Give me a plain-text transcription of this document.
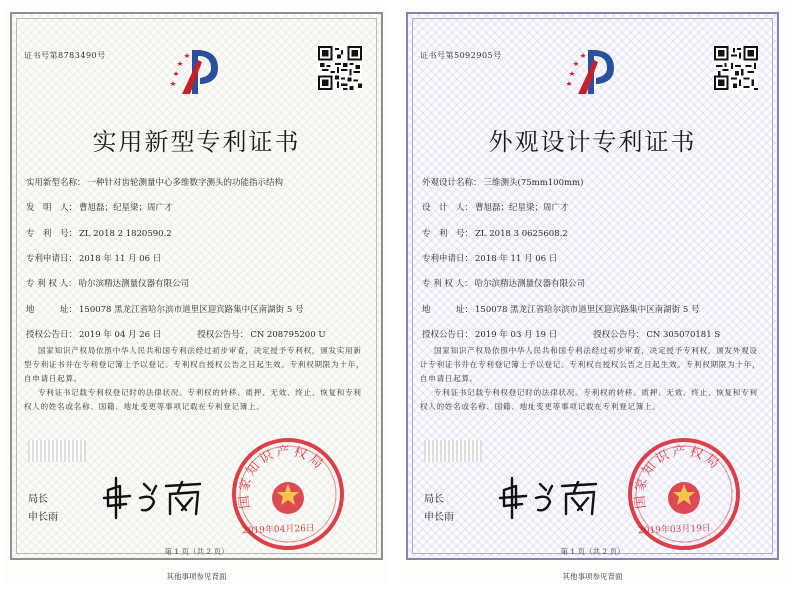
证书号第8783490号
实用新型专利证书
实用新型名称： 一种针对齿轮测量中心多维数字测头的功能指示结构
发　明　人： 曹旭磊；纪星梁；周广才
专　利　号： ZL 2018 2 1820590.2
专利申请日： 2018 年 11 月 06 日
专 利 权 人： 哈尔滨精达测量仪器有限公司
地　　　址： 150078 黑龙江省哈尔滨市道里区迎宾路集中区南湖街 5 号
授权公告日： 2019 年 04 月 26 日	授权公告号： CN 208795200 U
国家知识产权局依照中华人民共和国专利法经过初步审查，决定授予专利权，颁发实用新型专利证书并在专利登记簿上予以登记。专利权自授权公告之日起生效。专利权期限为十年，自申请日起算。
专利证书记载专利权登记时的法律状况。专利权的转移、质押、无效、终止、恢复和专利权人的姓名或名称、国籍、地址变更等事项记载在专利登记簿上。
局长
申长雨
国家知识产权局
2019年04月26日
第 1 页（共 2 页）
其他事项参见背面
证书号第5092905号
外观设计专利证书
外观设计名称： 三维测头(75mm100mm)
设　计　人： 曹旭磊；纪星梁；周广才
专　利　号： ZL 2018 3 0625608.2
专利申请日： 2018 年 11 月 06 日
专 利 权 人： 哈尔滨精达测量仪器有限公司
地　　　址： 150078 黑龙江省哈尔滨市道里区迎宾路集中区南湖街 5 号
授权公告日： 2019 年 03 月 19 日	授权公告号： CN 305070181 S
国家知识产权局依照中华人民共和国专利法经过初步审查，决定授予专利权，颁发外观设计专利证书并在专利登记簿上予以登记。专利权自授权公告之日起生效。专利权期限为十年，自申请日起算。
专利证书记载专利权登记时的法律状况。专利权的转移、质押、无效、终止、恢复和专利权人的姓名或名称、国籍、地址变更等事项记载在专利登记簿上。
局长
申长雨
国家知识产权局
2019年03月19日
第 1 页（共 2 页）
其他事项参见背面
